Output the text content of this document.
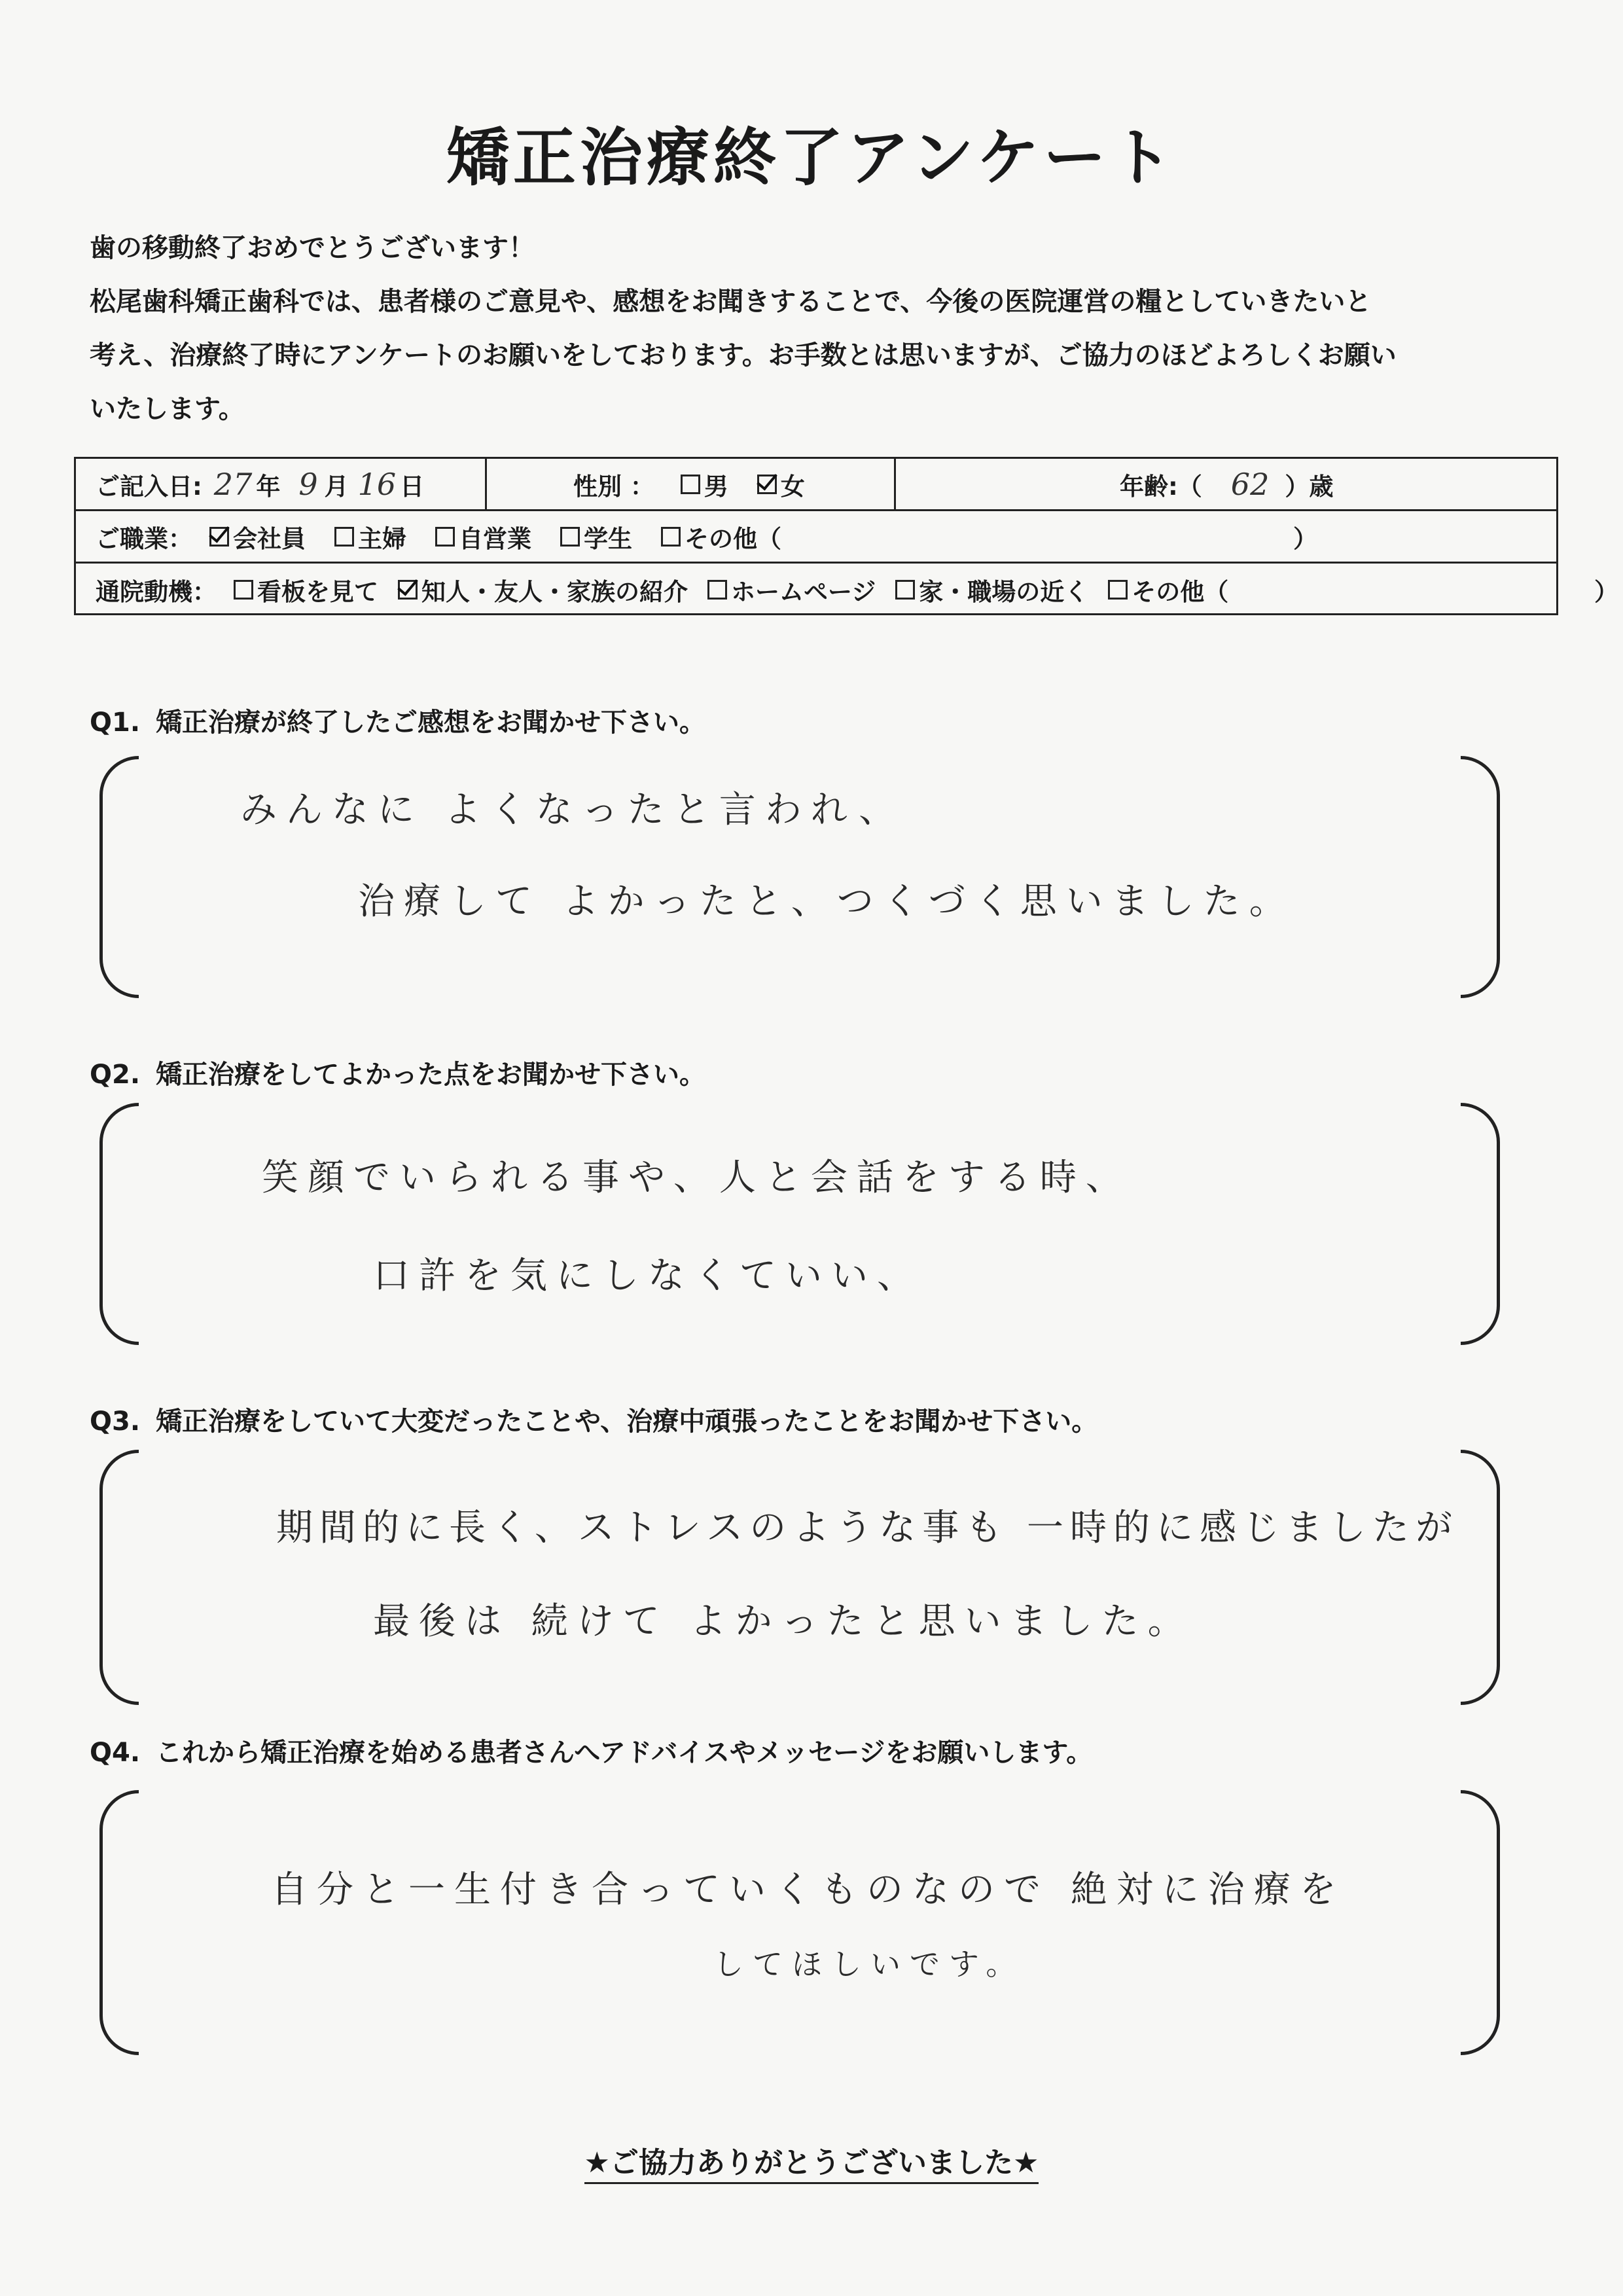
矯正治療終了アンケート
歯の移動終了おめでとうございます！
松尾歯科矯正歯科では、患者様のご意見や、感想をお聞きすることで、今後の医院運営の糧としていきたいと
考え、治療終了時にアンケートのお願いをしております。お手数とは思いますが、ご協力のほどよろしくお願い
いたします。
ご記入日: 27 年 9 月 16 日	性別 ： 男 女	年齢:（ 62 ）歳
ご職業： 会社員 主婦 自営業 学生 その他（	）
通院動機： 看板を見て 知人・友人・家族の紹介 ホームページ 家・職場の近く その他（	）
Q1. 矯正治療が終了したご感想をお聞かせ下さい。
みんなに よくなったと言われ、
治療して よかったと、つくづく思いました。
Q2. 矯正治療をしてよかった点をお聞かせ下さい。
笑顔でいられる事や、人と会話をする時、
口許を気にしなくていい、
Q3. 矯正治療をしていて大変だったことや、治療中頑張ったことをお聞かせ下さい。
期間的に長く、ストレスのような事も 一時的に感じましたが
最後は 続けて よかったと思いました。
Q4. これから矯正治療を始める患者さんへアドバイスやメッセージをお願いします。
自分と一生付き合っていくものなので 絶対に治療を
してほしいです。
★ご協力ありがとうございました★
